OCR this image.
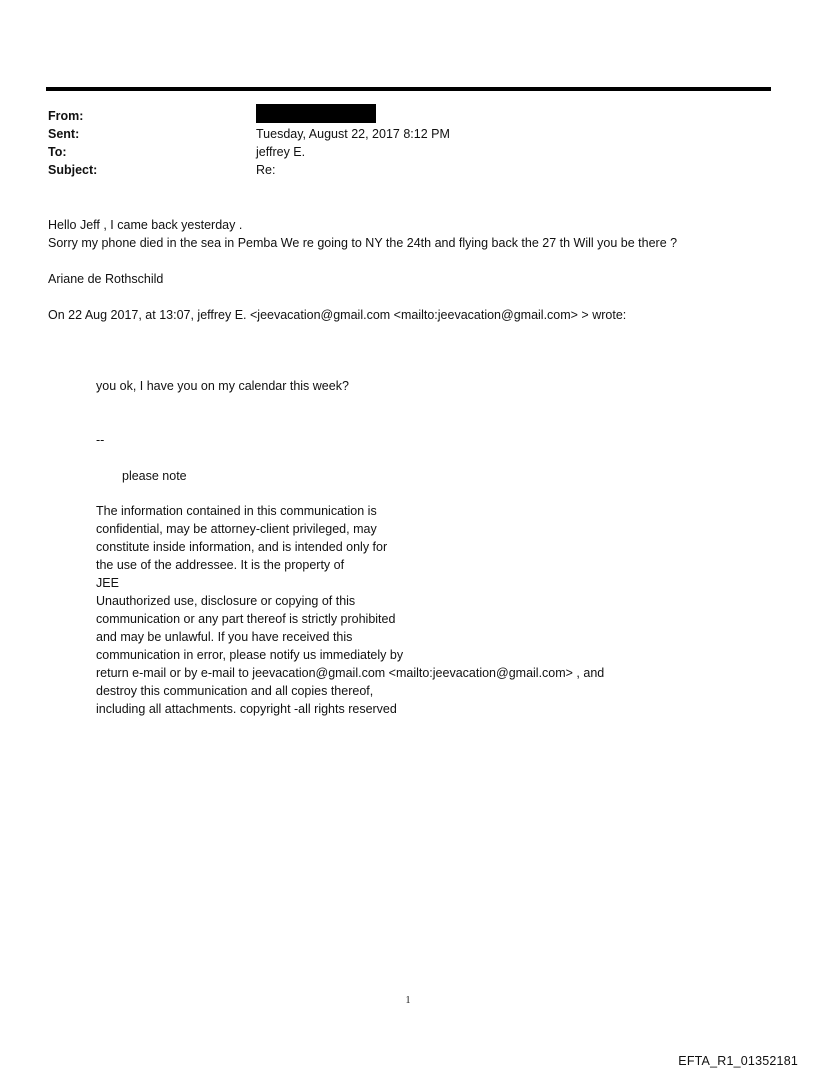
From:
Sent:	Tuesday, August 22, 2017 8:12 PM
To:	jeffrey E.
Subject:	Re:
Hello Jeff , I came back yesterday .
Sorry my phone died in the sea in Pemba We re going to NY the 24th and flying back the 27 th Will you be there ?
Ariane de Rothschild
On 22 Aug 2017, at 13:07, jeffrey E. <jeevacation@gmail.com <mailto:jeevacation@gmail.com> > wrote:
you ok, I have you on my calendar this week?
--
please note
The information contained in this communication is
confidential, may be attorney-client privileged, may
constitute inside information, and is intended only for
the use of the addressee. It is the property of
JEE
Unauthorized use, disclosure or copying of this
communication or any part thereof is strictly prohibited
and may be unlawful. If you have received this
communication in error, please notify us immediately by
return e-mail or by e-mail to jeevacation@gmail.com <mailto:jeevacation@gmail.com> , and
destroy this communication and all copies thereof,
including all attachments. copyright -all rights reserved
1
EFTA_R1_01352181
